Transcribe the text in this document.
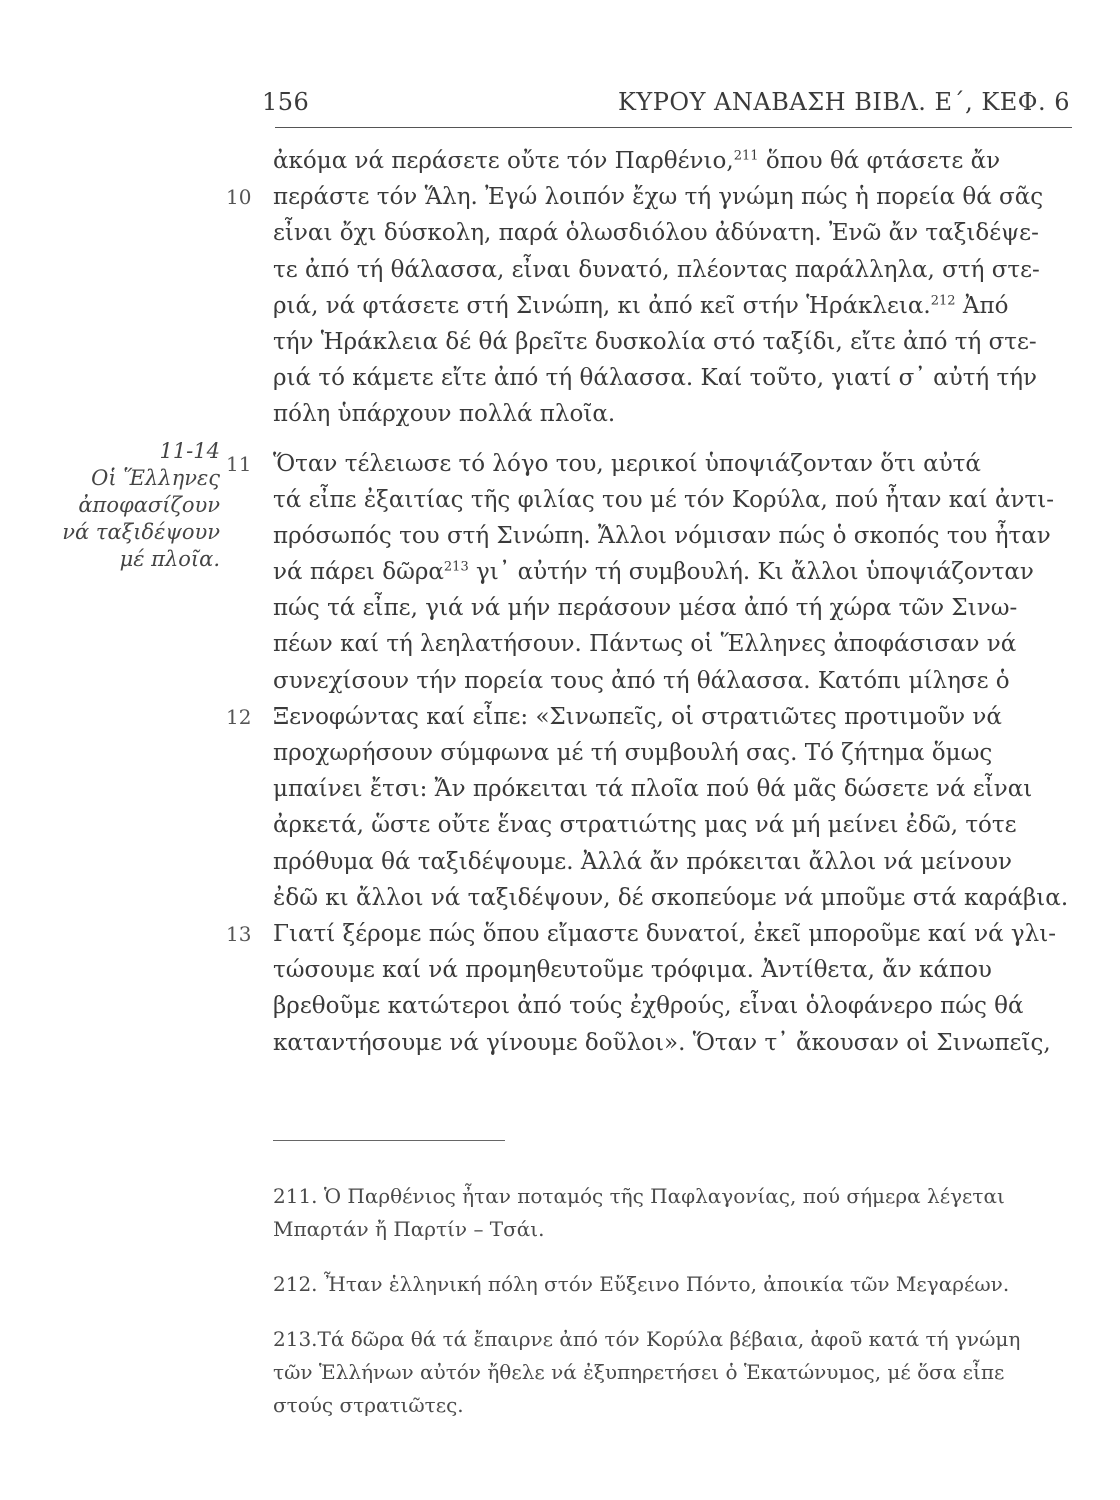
156	ΚΥΡΟΥ ΑΝΑΒΑΣΗ ΒΙΒΛ. Ε΄, ΚΕΦ. 6
11-14
Οἱ Ἕλληνες
ἀποφασίζουν
νά ταξιδέψουν
μέ πλοῖα.
ἀκόμα νά περάσετε οὔτε τόν Παρθένιο,$^{211}$ ὅπου θά φτάσετε ἄν
10 περάστε τόν Ἅλη. Ἐγώ λοιπόν ἔχω τή γνώμη πώς ἡ πορεία θά σᾶς
εἶναι ὄχι δύσκολη, παρά ὁλωσδιόλου ἀδύνατη. Ἐνῶ ἄν ταξιδέψε-
τε ἀπό τή θάλασσα, εἶναι δυνατό, πλέοντας παράλληλα, στή στε-
ριά, νά φτάσετε στή Σινώπη, κι ἀπό κεῖ στήν Ἡράκλεια.$^{212}$ Ἀπό
τήν Ἡράκλεια δέ θά βρεῖτε δυσκολία στό ταξίδι, εἴτε ἀπό τή στε-
ριά τό κάμετε εἴτε ἀπό τή θάλασσα. Καί τοῦτο, γιατί σ᾽ αὐτή τήν
πόλη ὑπάρχουν πολλά πλοῖα.
11 Ὅταν τέλειωσε τό λόγο του, μερικοί ὑποψιάζονταν ὅτι αὐτά
τά εἶπε ἐξαιτίας τῆς φιλίας του μέ τόν Κορύλα, πού ἦταν καί ἀντι-
πρόσωπός του στή Σινώπη. Ἄλλοι νόμισαν πώς ὁ σκοπός του ἦταν
νά πάρει δῶρα$^{213}$ γι᾽ αὐτήν τή συμβουλή. Κι ἄλλοι ὑποψιάζονταν
πώς τά εἶπε, γιά νά μήν περάσουν μέσα ἀπό τή χώρα τῶν Σινω-
πέων καί τή λεηλατήσουν. Πάντως οἱ Ἕλληνες ἀποφάσισαν νά
συνεχίσουν τήν πορεία τους ἀπό τή θάλασσα. Κατόπι μίλησε ὁ
12 Ξενοφώντας καί εἶπε: «Σινωπεῖς, οἱ στρατιῶτες προτιμοῦν νά
προχωρήσουν σύμφωνα μέ τή συμβουλή σας. Τό ζήτημα ὅμως
μπαίνει ἔτσι: Ἄν πρόκειται τά πλοῖα πού θά μᾶς δώσετε νά εἶναι
ἀρκετά, ὥστε οὔτε ἕνας στρατιώτης μας νά μή μείνει ἐδῶ, τότε
πρόθυμα θά ταξιδέψουμε. Ἀλλά ἄν πρόκειται ἄλλοι νά μείνουν
ἐδῶ κι ἄλλοι νά ταξιδέψουν, δέ σκοπεύομε νά μποῦμε στά καράβια.
13 Γιατί ξέρομε πώς ὅπου εἴμαστε δυνατοί, ἐκεῖ μποροῦμε καί νά γλι-
τώσουμε καί νά προμηθευτοῦμε τρόφιμα. Ἀντίθετα, ἄν κάπου
βρεθοῦμε κατώτεροι ἀπό τούς ἐχθρούς, εἶναι ὁλοφάνερο πώς θά
καταντήσουμε νά γίνουμε δοῦλοι». Ὅταν τ᾽ ἄκουσαν οἱ Σινωπεῖς,
211. Ὁ Παρθένιος ἦταν ποταμός τῆς Παφλαγονίας, πού σήμερα λέγεται
Μπαρτάν ἤ Παρτίν – Τσάι.
212. Ἦταν ἑλληνική πόλη στόν Εὔξεινο Πόντο, ἀποικία τῶν Μεγαρέων.
213.Τά δῶρα θά τά ἔπαιρνε ἀπό τόν Κορύλα βέβαια, ἀφοῦ κατά τή γνώμη
τῶν Ἑλλήνων αὐτόν ἤθελε νά ἐξυπηρετήσει ὁ Ἑκατώνυμος, μέ ὅσα εἶπε
στούς στρατιῶτες.
